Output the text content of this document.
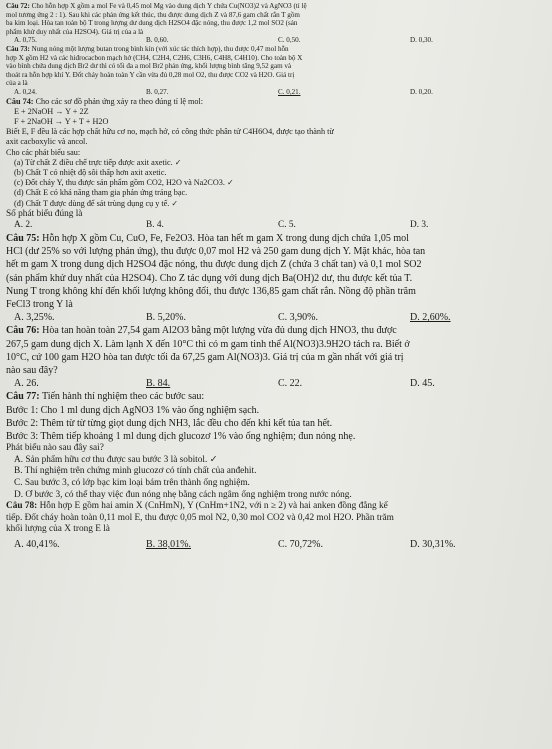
Câu 72: Cho hỗn hợp X gồm a mol Fe và 0,45 mol Mg vào dung dịch Y chứa Cu(NO3)2 và AgNO3 (tỉ lệ

mol tương ứng 2 : 1). Sau khi các phản ứng kết thúc, thu được dung dịch Z và 87,6 gam chất rắn T gồm

ba kim loại. Hòa tan toàn bộ T trong lượng dư dung dịch H2SO4 đặc nóng, thu được 1,2 mol SO2 (sản

phẩm khử duy nhất của H2SO4). Giá trị của a là

A. 0,75.	B. 0,60.	C. 0,50.	D. 0,30.

Câu 73: Nung nóng một lượng butan trong bình kín (với xúc tác thích hợp), thu được 0,47 mol hỗn

hợp X gồm H2 và các hiđrocacbon mạch hở (CH4, C2H4, C2H6, C3H6, C4H8, C4H10). Cho toàn bộ X

vào bình chứa dung dịch Br2 dư thì có tối đa a mol Br2 phản ứng, khối lượng bình tăng 9,52 gam và

thoát ra hỗn hợp khí Y. Đốt cháy hoàn toàn Y cần vừa đủ 0,28 mol O2, thu được CO2 và H2O. Giá trị

của a là

A. 0,24.	B. 0,27.	C. 0,21.	D. 0,20.

Câu 74: Cho các sơ đồ phản ứng xảy ra theo đúng tỉ lệ mol:

E + 2NaOH → Y + 2Z

F + 2NaOH → Y + T + H2O

Biết E, F đều là các hợp chất hữu cơ no, mạch hở, có công thức phân tử C4H6O4, được tạo thành từ

axit cacboxylic và ancol.

Cho các phát biểu sau:

(a) Từ chất Z điều chế trực tiếp được axit axetic. ✓

(b) Chất T có nhiệt độ sôi thấp hơn axit axetic.

(c) Đốt cháy Y, thu được sản phẩm gồm CO2, H2O và Na2CO3. ✓

(d) Chất E có khả năng tham gia phản ứng tráng bạc.

(đ) Chất T được dùng để sát trùng dụng cụ y tế. ✓

Số phát biểu đúng là

A. 2.	B. 4.	C. 5.	D. 3.

Câu 75: Hỗn hợp X gồm Cu, CuO, Fe, Fe2O3. Hòa tan hết m gam X trong dung dịch chứa 1,05 mol

HCl (dư 25% so với lượng phản ứng), thu được 0,07 mol H2 và 250 gam dung dịch Y. Mặt khác, hòa tan

hết m gam X trong dung dịch H2SO4 đặc nóng, thu được dung dịch Z (chứa 3 chất tan) và 0,1 mol SO2

(sản phẩm khử duy nhất của H2SO4). Cho Z tác dụng với dung dịch Ba(OH)2 dư, thu được kết tủa T.

Nung T trong không khí đến khối lượng không đổi, thu được 136,85 gam chất rắn. Nồng độ phần trăm

FeCl3 trong Y là

A. 3,25%.	B. 5,20%.	C. 3,90%.	D. 2,60%.

Câu 76: Hòa tan hoàn toàn 27,54 gam Al2O3 bằng một lượng vừa đủ dung dịch HNO3, thu được

267,5 gam dung dịch X. Làm lạnh X đến 10°C thì có m gam tinh thể Al(NO3)3.9H2O tách ra. Biết ở

10°C, cứ 100 gam H2O hòa tan được tối đa 67,25 gam Al(NO3)3. Giá trị của m gần nhất với giá trị

nào sau đây?

A. 26.	B. 84.	C. 22.	D. 45.

Câu 77: Tiến hành thí nghiệm theo các bước sau:

Bước 1: Cho 1 ml dung dịch AgNO3 1% vào ống nghiệm sạch.

Bước 2: Thêm từ từ từng giọt dung dịch NH3, lắc đều cho đến khi kết tủa tan hết.

Bước 3: Thêm tiếp khoảng 1 ml dung dịch glucozơ 1% vào ống nghiệm; đun nóng nhẹ.

Phát biểu nào sau đây sai?

A. Sản phẩm hữu cơ thu được sau bước 3 là sobitol. ✓

B. Thí nghiệm trên chứng minh glucozơ có tính chất của anđehit.

C. Sau bước 3, có lớp bạc kim loại bám trên thành ống nghiệm.

D. Ở bước 3, có thể thay việc đun nóng nhẹ bằng cách ngâm ống nghiệm trong nước nóng.

Câu 78: Hỗn hợp E gồm hai amin X (CnHmN), Y (CnHm+1N2, với n ≥ 2) và hai anken đồng đẳng kế

tiếp. Đốt cháy hoàn toàn 0,11 mol E, thu được 0,05 mol N2, 0,30 mol CO2 và 0,42 mol H2O. Phần trăm

khối lượng của X trong E là

A. 40,41%.	B. 38,01%.	C. 70,72%.	D. 30,31%.
